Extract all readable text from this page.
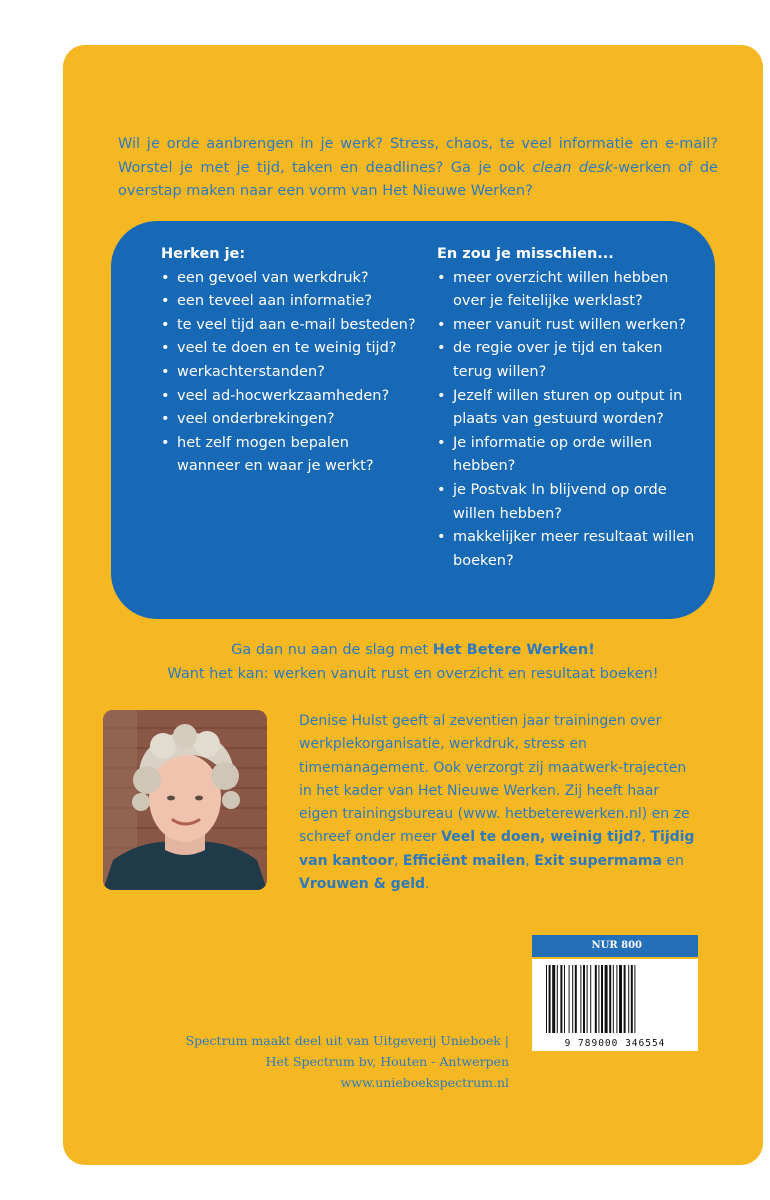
Wil je orde aanbrengen in je werk? Stress, chaos, te veel informatie en e-mail? Worstel je met je tijd, taken en deadlines? Ga je ook clean desk-werken of de overstap maken naar een vorm van Het Nieuwe Werken?
Herken je:
• een gevoel van werkdruk?
• een teveel aan informatie?
• te veel tijd aan e-mail besteden?
• veel te doen en te weinig tijd?
• werkachterstanden?
• veel ad-hocwerkzaamheden?
• veel onderbrekingen?
• het zelf mogen bepalen wanneer en waar je werkt?
En zou je misschien...
• meer overzicht willen hebben over je feitelijke werklast?
• meer vanuit rust willen werken?
• de regie over je tijd en taken terug willen?
• Jezelf willen sturen op output in plaats van gestuurd worden?
• Je informatie op orde willen hebben?
• je Postvak In blijvend op orde willen hebben?
• makkelijker meer resultaat willen boeken?
Ga dan nu aan de slag met Het Betere Werken!
Want het kan: werken vanuit rust en overzicht en resultaat boeken!
Denise Hulst geeft al zeventien jaar trainingen over werkplekorganisatie, werkdruk, stress en timemanagement. Ook verzorgt zij maatwerk-trajecten in het kader van Het Nieuwe Werken. Zij heeft haar eigen trainingsbureau (www. hetbeterewerken.nl) en ze schreef onder meer Veel te doen, weinig tijd?, Tijdig van kantoor, Efficiënt mailen, Exit supermama en Vrouwen & geld.
NUR 800
9 789000 346554
Spectrum maakt deel uit van Uitgeverij Unieboek |
Het Spectrum bv, Houten - Antwerpen
www.unieboekspectrum.nl
